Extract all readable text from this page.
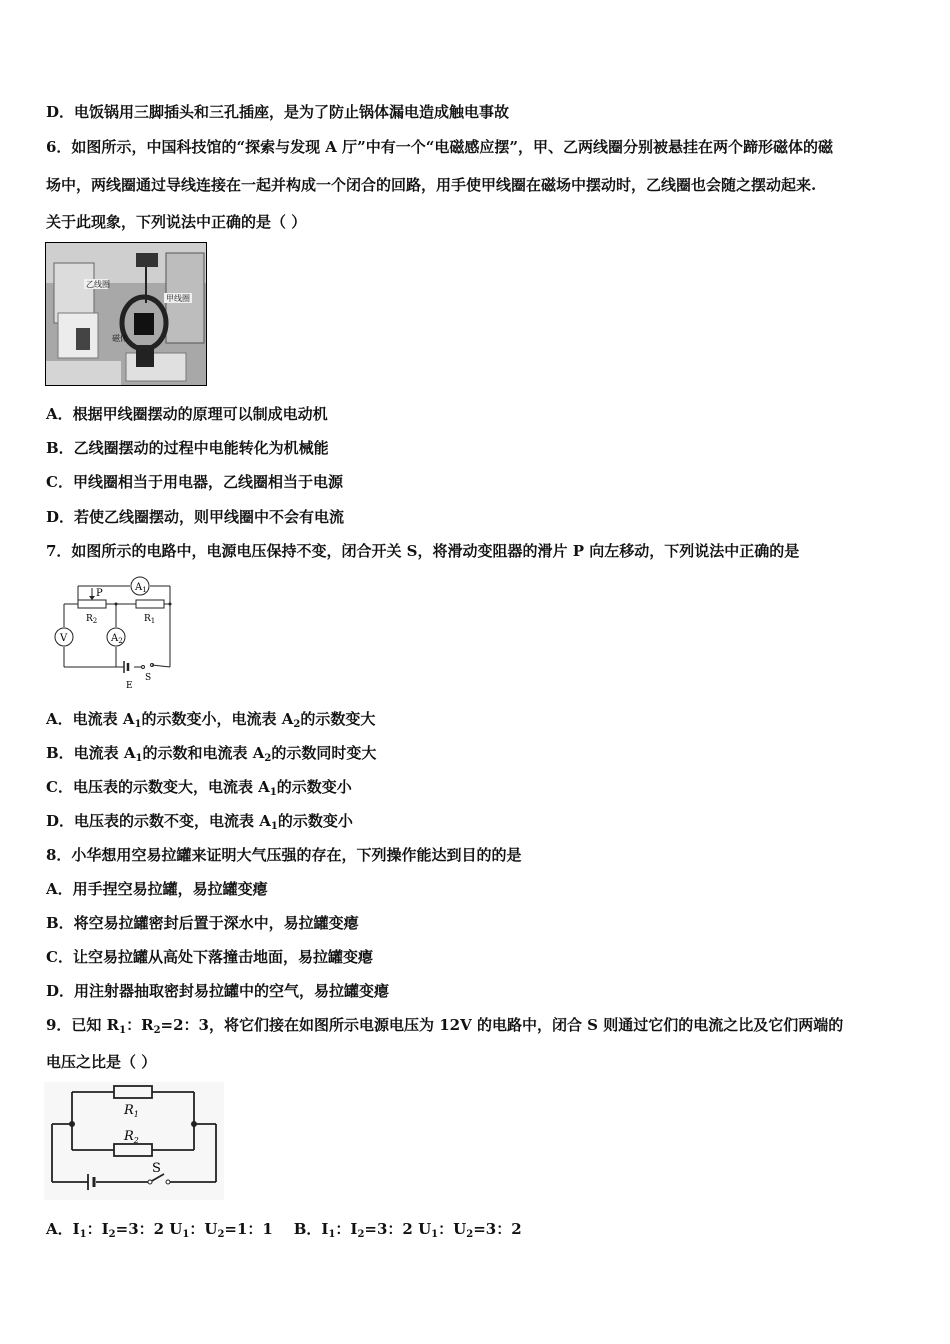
D．电饭锅用三脚插头和三孔插座，是为了防止锅体漏电造成触电事故
6．如图所示，中国科技馆的“探索与发现 A 厅”中有一个“电磁感应摆”，甲、乙两线圈分别被悬挂在两个蹄形磁体的磁
场中，两线圈通过导线连接在一起并构成一个闭合的回路，用手使甲线圈在磁场中摆动时，乙线圈也会随之摆动起来.
关于此现象，下列说法中正确的是（ ）
乙线圈
甲线圈
磁体
A．根据甲线圈摆动的原理可以制成电动机
B．乙线圈摆动的过程中电能转化为机械能
C．甲线圈相当于用电器，乙线圈相当于电源
D．若使乙线圈摆动，则甲线圈中不会有电流
7．如图所示的电路中，电源电压保持不变，闭合开关 S，将滑动变阻器的滑片 P 向左移动，下列说法中正确的是
$A_1$
$A_2$
V
P
$R_2$	$R_1$
E
S
A．电流表 $A_1$的示数变小，电流表 $A_2$的示数变大
B．电流表 $A_1$的示数和电流表 $A_2$的示数同时变大
C．电压表的示数变大，电流表 $A_1$的示数变小
D．电压表的示数不变，电流表 $A_1$的示数变小
8．小华想用空易拉罐来证明大气压强的存在，下列操作能达到目的的是
A．用手捏空易拉罐，易拉罐变瘪
B．将空易拉罐密封后置于深水中，易拉罐变瘪
C．让空易拉罐从高处下落撞击地面，易拉罐变瘪
D．用注射器抽取密封易拉罐中的空气，易拉罐变瘪
9．已知 $R_1$：$R_2=2$：3，将它们接在如图所示电源电压为 12V 的电路中，闭合 S 则通过它们的电流之比及它们两端的
电压之比是（ ）
$R_1$
$R_2$
S
A．$I_1$：$I_2=3$：2 $U_1$：$U_2=1$：1    B．$I_1$：$I_2=3$：2 $U_1$：$U_2=3$：2
